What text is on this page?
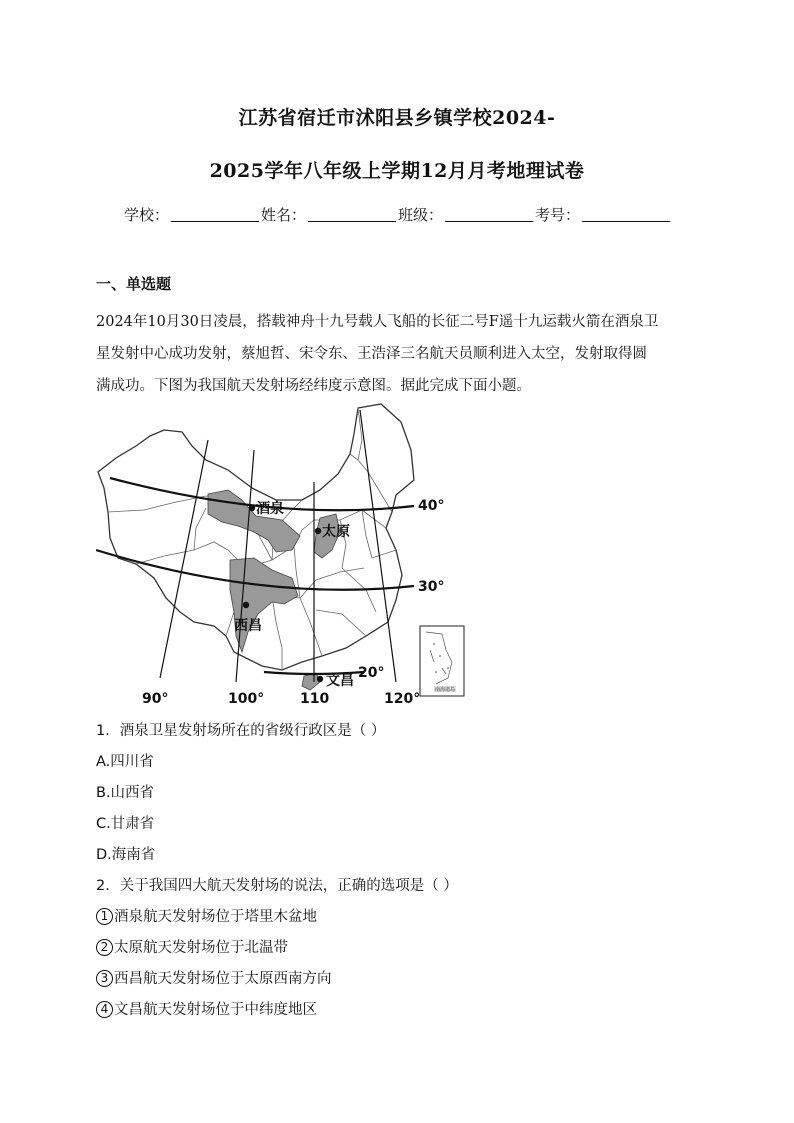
江苏省宿迁市沭阳县乡镇学校2024-
2025学年八年级上学期12月月考地理试卷
学校：	姓名：	班级：	考号：
一、单选题
2024年10月30日凌晨，搭载神舟十九号载人飞船的长征二号F遥十九运载火箭在酒泉卫
星发射中心成功发射，蔡旭哲、宋令东、王浩泽三名航天员顺利进入太空，发射取得圆
满成功。下图为我国航天发射场经纬度示意图。据此完成下面小题。
南海诸岛
酒泉
太原
西昌
文昌
40°
30°
20°
90°	100°	110	120°
1．酒泉卫星发射场所在的省级行政区是（ ）
A.四川省
B.山西省
C.甘肃省
D.海南省
2．关于我国四大航天发射场的说法，正确的选项是（ ）
1 酒泉航天发射场位于塔里木盆地
2 太原航天发射场位于北温带
3 西昌航天发射场位于太原西南方向
4 文昌航天发射场位于中纬度地区
